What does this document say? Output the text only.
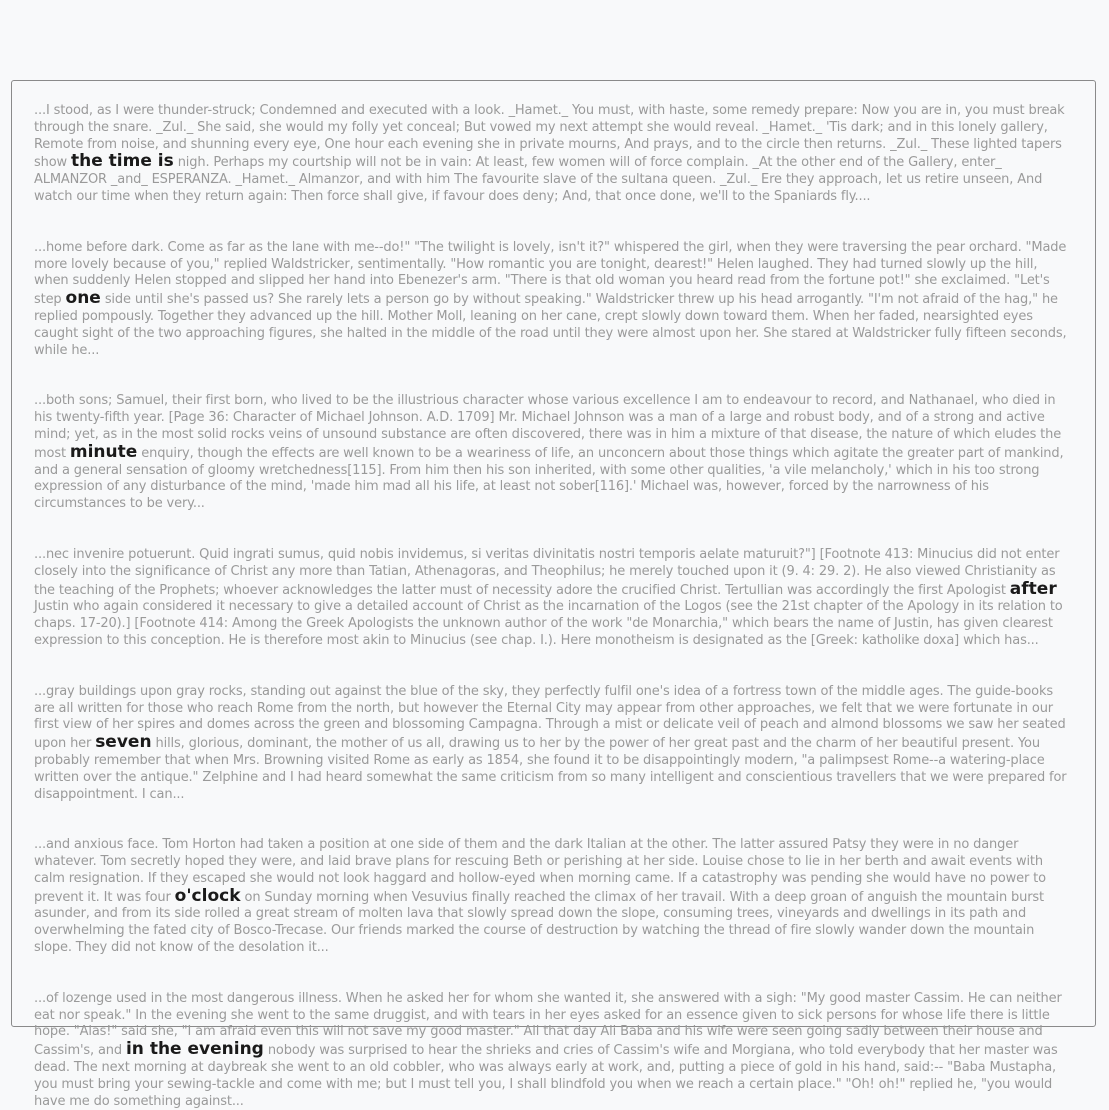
...I stood, as I were thunder-struck; Condemned and executed with a look. _Hamet._ You must, with haste, some remedy prepare: Now you are in, you must break through the snare. _Zul._ She said, she would my folly yet conceal; But vowed my next attempt she would reveal. _Hamet._ 'Tis dark; and in this lonely gallery, Remote from noise, and shunning every eye, One hour each evening she in private mourns, And prays, and to the circle then returns. _Zul._ These lighted tapers show the time is nigh. Perhaps my courtship will not be in vain: At least, few women will of force complain. _At the other end of the Gallery, enter_ ALMANZOR _and_ ESPERANZA. _Hamet._ Almanzor, and with him The favourite slave of the sultana queen. _Zul._ Ere they approach, let us retire unseen, And watch our time when they return again: Then force shall give, if favour does deny; And, that once done, we'll to the Spaniards fly....

...home before dark. Come as far as the lane with me--do!" "The twilight is lovely, isn't it?" whispered the girl, when they were traversing the pear orchard. "Made more lovely because of you," replied Waldstricker, sentimentally. "How romantic you are tonight, dearest!" Helen laughed. They had turned slowly up the hill, when suddenly Helen stopped and slipped her hand into Ebenezer's arm. "There is that old woman you heard read from the fortune pot!" she exclaimed. "Let's step one side until she's passed us? She rarely lets a person go by without speaking." Waldstricker threw up his head arrogantly. "I'm not afraid of the hag," he replied pompously. Together they advanced up the hill. Mother Moll, leaning on her cane, crept slowly down toward them. When her faded, nearsighted eyes caught sight of the two approaching figures, she halted in the middle of the road until they were almost upon her. She stared at Waldstricker fully fifteen seconds, while he...

...both sons; Samuel, their first born, who lived to be the illustrious character whose various excellence I am to endeavour to record, and Nathanael, who died in his twenty-fifth year. [Page 36: Character of Michael Johnson. A.D. 1709] Mr. Michael Johnson was a man of a large and robust body, and of a strong and active mind; yet, as in the most solid rocks veins of unsound substance are often discovered, there was in him a mixture of that disease, the nature of which eludes the most minute enquiry, though the effects are well known to be a weariness of life, an unconcern about those things which agitate the greater part of mankind, and a general sensation of gloomy wretchedness[115]. From him then his son inherited, with some other qualities, 'a vile melancholy,' which in his too strong expression of any disturbance of the mind, 'made him mad all his life, at least not sober[116].' Michael was, however, forced by the narrowness of his circumstances to be very...

...nec invenire potuerunt. Quid ingrati sumus, quid nobis invidemus, si veritas divinitatis nostri temporis aelate maturuit?"] [Footnote 413: Minucius did not enter closely into the significance of Christ any more than Tatian, Athenagoras, and Theophilus; he merely touched upon it (9. 4: 29. 2). He also viewed Christianity as the teaching of the Prophets; whoever acknowledges the latter must of necessity adore the crucified Christ. Tertullian was accordingly the first Apologist after Justin who again considered it necessary to give a detailed account of Christ as the incarnation of the Logos (see the 21st chapter of the Apology in its relation to chaps. 17-20).] [Footnote 414: Among the Greek Apologists the unknown author of the work "de Monarchia," which bears the name of Justin, has given clearest expression to this conception. He is therefore most akin to Minucius (see chap. I.). Here monotheism is designated as the [Greek: katholike doxa] which has...

...gray buildings upon gray rocks, standing out against the blue of the sky, they perfectly fulfil one's idea of a fortress town of the middle ages. The guide-books are all written for those who reach Rome from the north, but however the Eternal City may appear from other approaches, we felt that we were fortunate in our first view of her spires and domes across the green and blossoming Campagna. Through a mist or delicate veil of peach and almond blossoms we saw her seated upon her seven hills, glorious, dominant, the mother of us all, drawing us to her by the power of her great past and the charm of her beautiful present. You probably remember that when Mrs. Browning visited Rome as early as 1854, she found it to be disappointingly modern, "a palimpsest Rome--a watering-place written over the antique." Zelphine and I had heard somewhat the same criticism from so many intelligent and conscientious travellers that we were prepared for disappointment. I can...

...and anxious face. Tom Horton had taken a position at one side of them and the dark Italian at the other. The latter assured Patsy they were in no danger whatever. Tom secretly hoped they were, and laid brave plans for rescuing Beth or perishing at her side. Louise chose to lie in her berth and await events with calm resignation. If they escaped she would not look haggard and hollow-eyed when morning came. If a catastrophy was pending she would have no power to prevent it. It was four o'clock on Sunday morning when Vesuvius finally reached the climax of her travail. With a deep groan of anguish the mountain burst asunder, and from its side rolled a great stream of molten lava that slowly spread down the slope, consuming trees, vineyards and dwellings in its path and overwhelming the fated city of Bosco-Trecase. Our friends marked the course of destruction by watching the thread of fire slowly wander down the mountain slope. They did not know of the desolation it...

...of lozenge used in the most dangerous illness. When he asked her for whom she wanted it, she answered with a sigh: "My good master Cassim. He can neither eat nor speak." In the evening she went to the same druggist, and with tears in her eyes asked for an essence given to sick persons for whose life there is little hope. "Alas!" said she, "I am afraid even this will not save my good master." All that day Ali Baba and his wife were seen going sadly between their house and Cassim's, and in the evening nobody was surprised to hear the shrieks and cries of Cassim's wife and Morgiana, who told everybody that her master was dead. The next morning at daybreak she went to an old cobbler, who was always early at work, and, putting a piece of gold in his hand, said:-- "Baba Mustapha, you must bring your sewing-tackle and come with me; but I must tell you, I shall blindfold you when we reach a certain place." "Oh! oh!" replied he, "you would have me do something against...
